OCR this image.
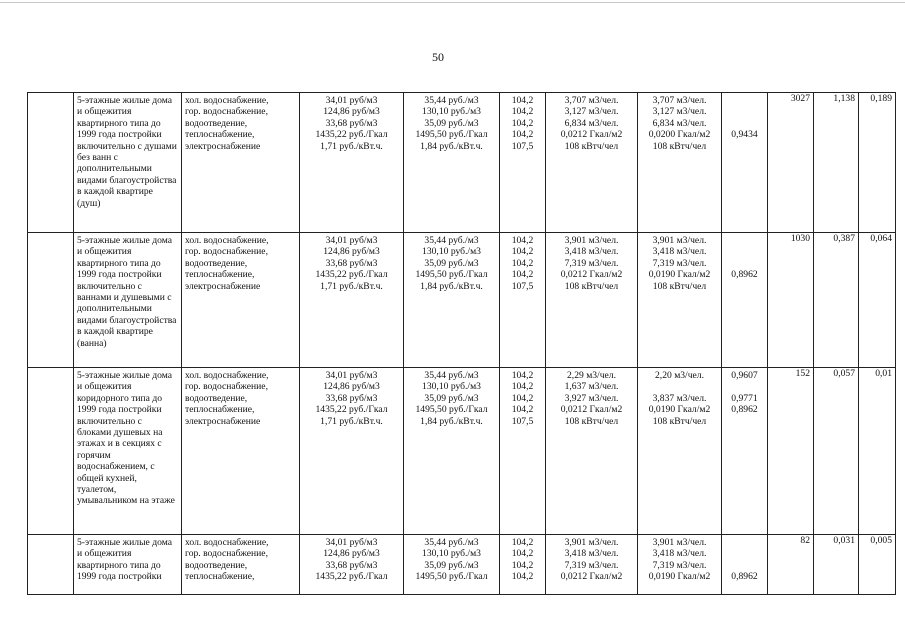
50

	5-этажные жилые дома и общежития квартирного типа до 1999 года постройки включительно с душами без ванн с дополнительными видами благоустройства в каждой квартире (душ)	хол. водоснабжение,
гор. водоснабжение,
водоотведение,
теплоснабжение,
электроснабжение	34,01 руб/м3
124,86 руб/м3
33,68 руб/м3
1435,22 руб./Гкал
1,71 руб./кВт.ч.	35,44 руб./м3
130,10 руб./м3
35,09 руб./м3
1495,50 руб./Гкал
1,84 руб./кВт.ч.	104,2
104,2
104,2
104,2
107,5	3,707 м3/чел.
3,127 м3/чел.
6,834 м3/чел.
0,0212 Гкал/м2
108 кВтч/чел	3,707 м3/чел.
3,127 м3/чел.
6,834 м3/чел.
0,0200 Гкал/м2
108 кВтч/чел	0,9434	3027	1,138	0,189

	5-этажные жилые дома и общежития квартирного типа до 1999 года постройки включительно с ваннами и душевыми с дополнительными видами благоустройства в каждой квартире (ванна)	хол. водоснабжение,
гор. водоснабжение,
водоотведение,
теплоснабжение,
электроснабжение	34,01 руб/м3
124,86 руб/м3
33,68 руб/м3
1435,22 руб./Гкал
1,71 руб./кВт.ч.	35,44 руб./м3
130,10 руб./м3
35,09 руб./м3
1495,50 руб./Гкал
1,84 руб./кВт.ч.	104,2
104,2
104,2
104,2
107,5	3,901 м3/чел.
3,418 м3/чел.
7,319 м3/чел.
0,0212 Гкал/м2
108 кВтч/чел	3,901 м3/чел.
3,418 м3/чел.
7,319 м3/чел.
0,0190 Гкал/м2
108 кВтч/чел	0,8962	1030	0,387	0,064

	5-этажные жилые дома и общежития коридорного типа до 1999 года постройки включительно с блоками душевых на этажах и в секциях с горячим водоснабжением, с общей кухней, туалетом, умывальником на этаже	хол. водоснабжение,
гор. водоснабжение,
водоотведение,
теплоснабжение,
электроснабжение	34,01 руб/м3
124,86 руб/м3
33,68 руб/м3
1435,22 руб./Гкал
1,71 руб./кВт.ч.	35,44 руб./м3
130,10 руб./м3
35,09 руб./м3
1495,50 руб./Гкал
1,84 руб./кВт.ч.	104,2
104,2
104,2
104,2
107,5	2,29 м3/чел.
1,637 м3/чел.
3,927 м3/чел.
0,0212 Гкал/м2
108 кВтч/чел	2,20 м3/чел.

3,837 м3/чел.
0,0190 Гкал/м2
108 кВтч/чел	0,9607

0,9771
0,8962	152	0,057	0,01

	5-этажные жилые дома и общежития квартирного типа до 1999 года постройки	хол. водоснабжение,
гор. водоснабжение,
водоотведение,
теплоснабжение,	34,01 руб/м3
124,86 руб/м3
33,68 руб/м3
1435,22 руб./Гкал	35,44 руб./м3
130,10 руб./м3
35,09 руб./м3
1495,50 руб./Гкал	104,2
104,2
104,2
104,2	3,901 м3/чел.
3,418 м3/чел.
7,319 м3/чел.
0,0212 Гкал/м2	3,901 м3/чел.
3,418 м3/чел.
7,319 м3/чел.
0,0190 Гкал/м2	0,8962	82	0,031	0,005
